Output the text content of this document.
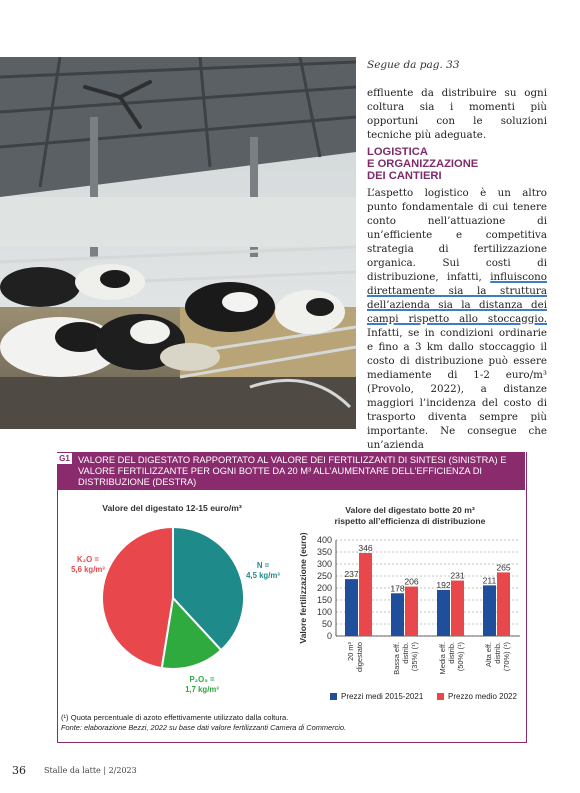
Segue da pag. 33
effluente da distribuire su ogni coltura sia i momenti più opportuni con le soluzioni tecniche più adeguate.
LOGISTICA
E ORGANIZZAZIONE
DEI CANTIERI
L’aspetto logistico è un altro punto fondamentale di cui tenere conto nell’attuazione di un’efficiente e competitiva strategia di fertilizzazione organica. Sui costi di distribuzione, infatti, influiscono direttamente sia la struttura dell’azienda sia la distanza dei campi rispetto allo stoccaggio. Infatti, se in condizioni ordinarie e fino a 3 km dallo stoccaggio il costo di distribuzione può essere mediamente di 1-2 euro/m³ (Provolo, 2022), a distanze maggiori l’incidenza del costo di trasporto diventa sempre più importante. Ne consegue che un’azienda
G1 VALORE DEL DIGESTATO RAPPORTATO AL VALORE DEI FERTILIZZANTI DI SINTESI (SINISTRA) E VALORE FERTILIZZANTE PER OGNI BOTTE DA 20 M³ ALL’AUMENTARE DELL’EFFICIENZA DI DISTRIBUZIONE (DESTRA)
Valore del digestato 12-15 euro/m³
N =
4,5 kg/m³
P₂O₅ =
1,7 kg/m³
K₂O =
5,6 kg/m³
Valore del digestato botte 20 m³
rispetto all’efficienza di distribuzione
0
50
100
150
200
250
300
350
400
Valore fertilizzazione (euro)	237
346
20 m³digestato
178
206
Bassa eff.distrib.(35%) (¹)
192
231
Media eff.distrib.(50%) (¹)
211
265
Alta eff.distrib.(70%) (¹)
Prezzi medi 2015-2021	Prezzo medio 2022
(¹) Quota percentuale di azoto effettivamente utilizzato dalla coltura.
Fonte: elaborazione Bezzi, 2022 su base dati valore fertilizzanti Camera di Commercio.
36 Stalle da latte | 2/2023
